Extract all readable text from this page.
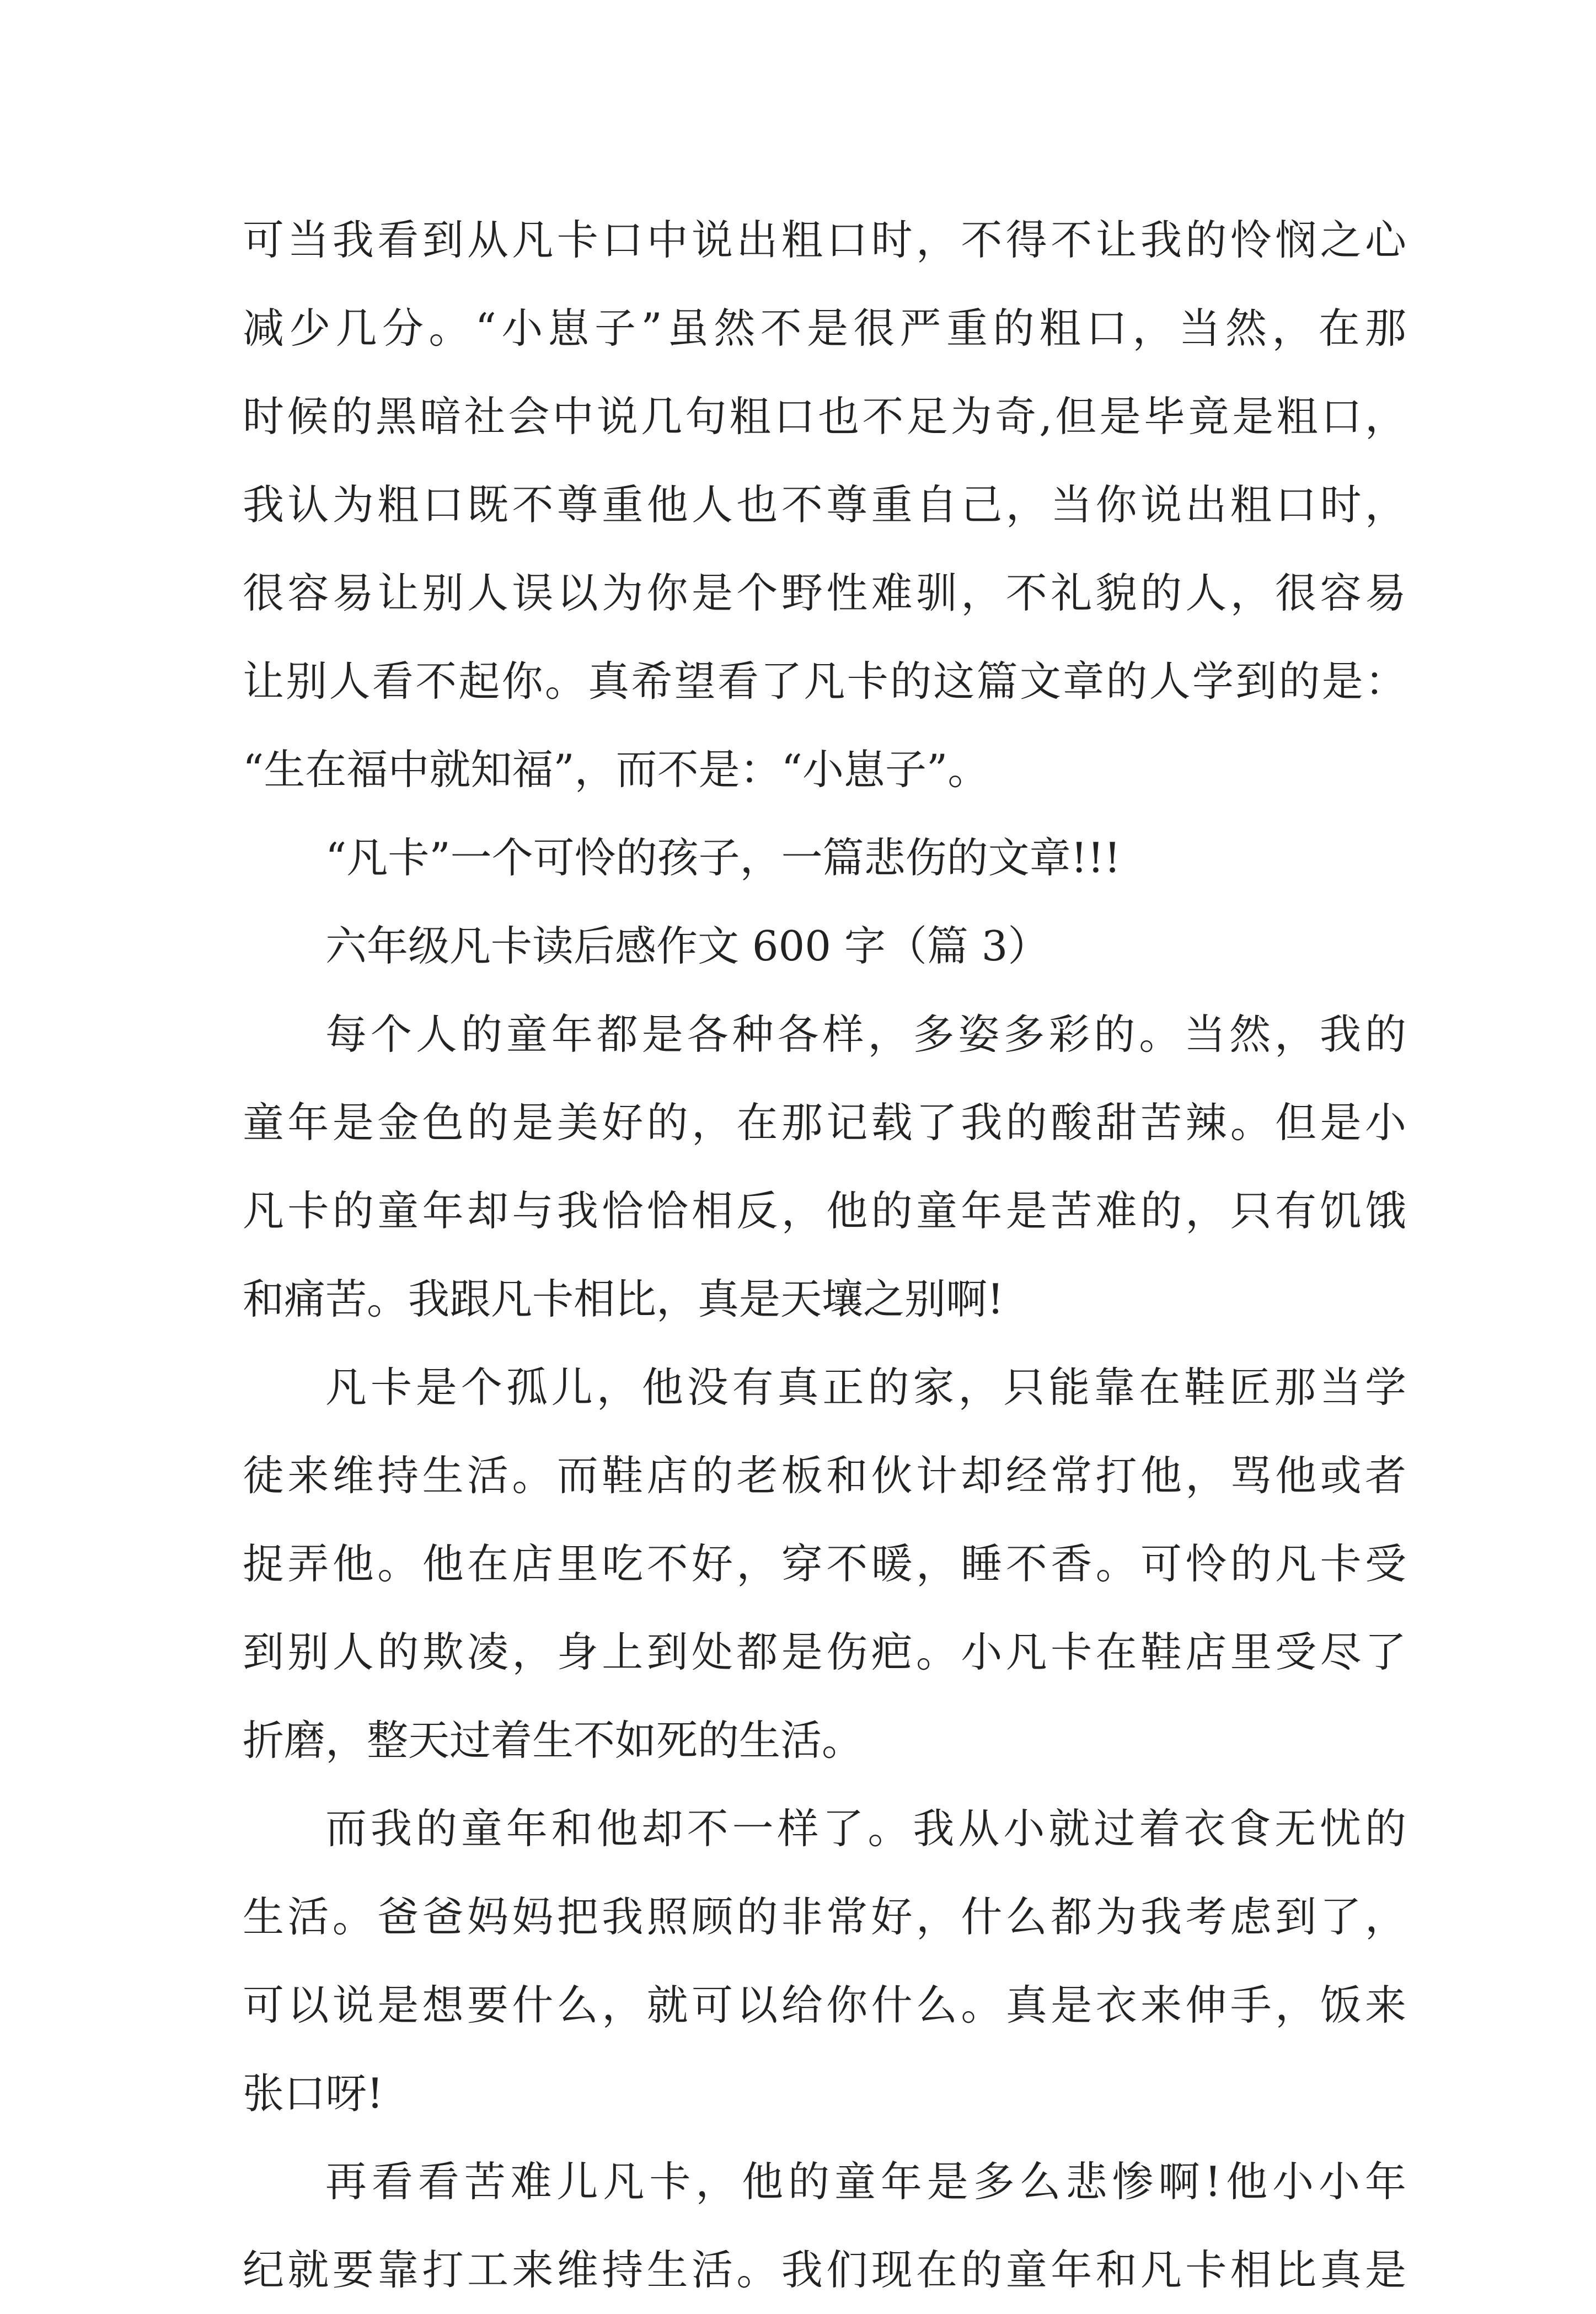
可当我看到从凡卡口中说出粗口时，不得不让我的怜悯之心
减少几分。“小崽子”虽然不是很严重的粗口，当然，在那
时候的黑暗社会中说几句粗口也不足为奇,但是毕竟是粗口，
我认为粗口既不尊重他人也不尊重自己，当你说出粗口时，
很容易让别人误以为你是个野性难驯，不礼貌的人，很容易
让别人看不起你。真希望看了凡卡的这篇文章的人学到的是：
“生在福中就知福”，而不是：“小崽子”。
“凡卡”一个可怜的孩子，一篇悲伤的文章!!!
六年级凡卡读后感作文 600 字（篇 3）
每个人的童年都是各种各样，多姿多彩的。当然，我的
童年是金色的是美好的，在那记载了我的酸甜苦辣。但是小
凡卡的童年却与我恰恰相反，他的童年是苦难的，只有饥饿
和痛苦。我跟凡卡相比，真是天壤之别啊!
凡卡是个孤儿，他没有真正的家，只能靠在鞋匠那当学
徒来维持生活。而鞋店的老板和伙计却经常打他，骂他或者
捉弄他。他在店里吃不好，穿不暖，睡不香。可怜的凡卡受
到别人的欺凌，身上到处都是伤疤。小凡卡在鞋店里受尽了
折磨，整天过着生不如死的生活。
而我的童年和他却不一样了。我从小就过着衣食无忧的
生活。爸爸妈妈把我照顾的非常好，什么都为我考虑到了，
可以说是想要什么，就可以给你什么。真是衣来伸手，饭来
张口呀!
再看看苦难儿凡卡，他的童年是多么悲惨啊!他小小年
纪就要靠打工来维持生活。我们现在的童年和凡卡相比真是
